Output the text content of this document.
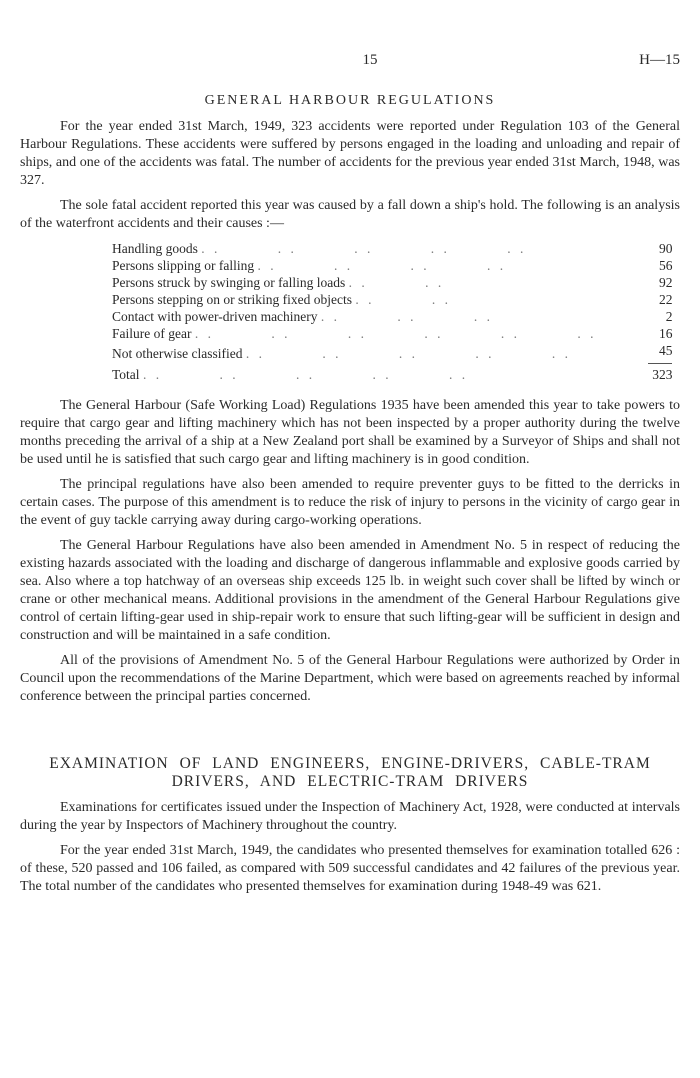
15	H—15
GENERAL HARBOUR REGULATIONS

For the year ended 31st March, 1949, 323 accidents were reported under Regulation 103 of the General Harbour Regulations. These accidents were suffered by persons engaged in the loading and unloading and repair of ships, and one of the accidents was fatal. The number of accidents for the previous year ended 31st March, 1948, was 327.

The sole fatal accident reported this year was caused by a fall down a ship's hold. The following is an analysis of the waterfront accidents and their causes :—

Handling goods . .         . .         . .         . .         . .	90
Persons slipping or falling . .         . .         . .         . .	56
Persons struck by swinging or falling loads . .         . .	92
Persons stepping on or striking fixed objects . .         . .	22
Contact with power-driven machinery . .         . .         . .	2
Failure of gear . .         . .         . .         . .         . .         . .	16
Not otherwise classified . .         . .         . .         . .         . .	45

Total . .         . .         . .         . .         . .	323

The General Harbour (Safe Working Load) Regulations 1935 have been amended this year to take powers to require that cargo gear and lifting machinery which has not been inspected by a proper authority during the twelve months preceding the arrival of a ship at a New Zealand port shall be examined by a Surveyor of Ships and shall not be used until he is satisfied that such cargo gear and lifting machinery is in good condition.

The principal regulations have also been amended to require preventer guys to be fitted to the derricks in certain cases. The purpose of this amendment is to reduce the risk of injury to persons in the vicinity of cargo gear in the event of guy tackle carrying away during cargo-working operations.

The General Harbour Regulations have also been amended in Amendment No. 5 in respect of reducing the existing hazards associated with the loading and discharge of dangerous inflammable and explosive goods carried by sea. Also where a top hatchway of an overseas ship exceeds 125 lb. in weight such cover shall be lifted by winch or crane or other mechanical means. Additional provisions in the amendment of the General Harbour Regulations give control of certain lifting-gear used in ship-repair work to ensure that such lifting-gear will be sufficient in design and construction and will be maintained in a safe condition.

All of the provisions of Amendment No. 5 of the General Harbour Regulations were authorized by Order in Council upon the recommendations of the Marine Department, which were based on agreements reached by informal conference between the principal parties concerned.

EXAMINATION OF LAND ENGINEERS, ENGINE-DRIVERS, CABLE-TRAM DRIVERS, AND ELECTRIC-TRAM DRIVERS

Examinations for certificates issued under the Inspection of Machinery Act, 1928, were conducted at intervals during the year by Inspectors of Machinery throughout the country.

For the year ended 31st March, 1949, the candidates who presented themselves for examination totalled 626 : of these, 520 passed and 106 failed, as compared with 509 successful candidates and 42 failures of the previous year. The total number of the candidates who presented themselves for examination during 1948-49 was 621.
